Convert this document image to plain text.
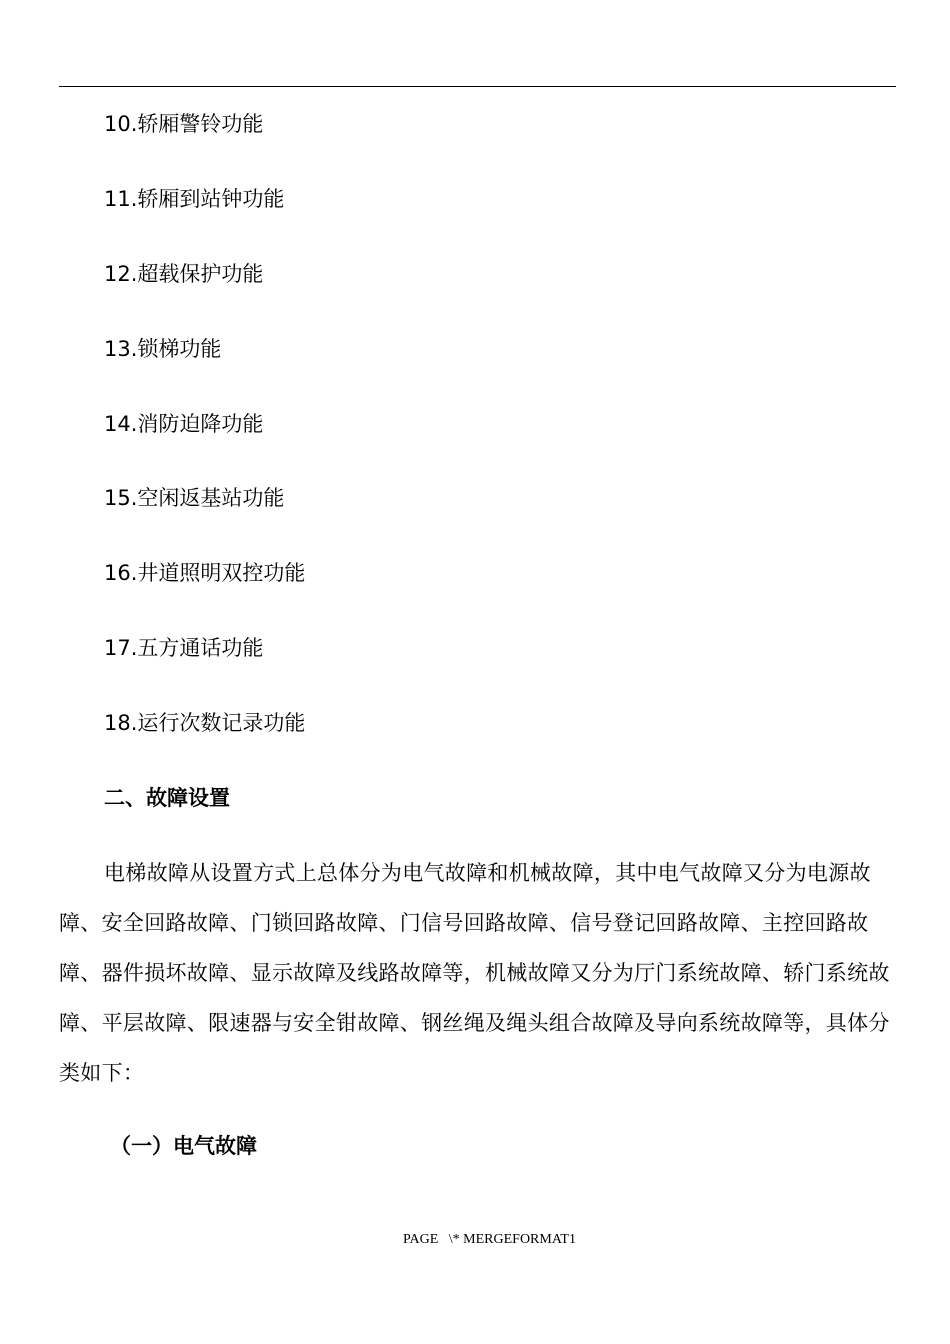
10.轿厢警铃功能
11.轿厢到站钟功能
12.超载保护功能
13.锁梯功能
14.消防迫降功能
15.空闲返基站功能
16.井道照明双控功能
17.五方通话功能
18.运行次数记录功能
二、故障设置

电梯故障从设置方式上总体分为电气故障和机械故障，其中电气故障又分为电源故障、安全回路故障、门锁回路故障、门信号回路故障、信号登记回路故障、主控回路故障、器件损坏故障、显示故障及线路故障等，机械故障又分为厅门系统故障、轿门系统故障、平层故障、限速器与安全钳故障、钢丝绳及绳头组合故障及导向系统故障等，具体分类如下：

（一）电气故障
PAGE   \* MERGEFORMAT1
